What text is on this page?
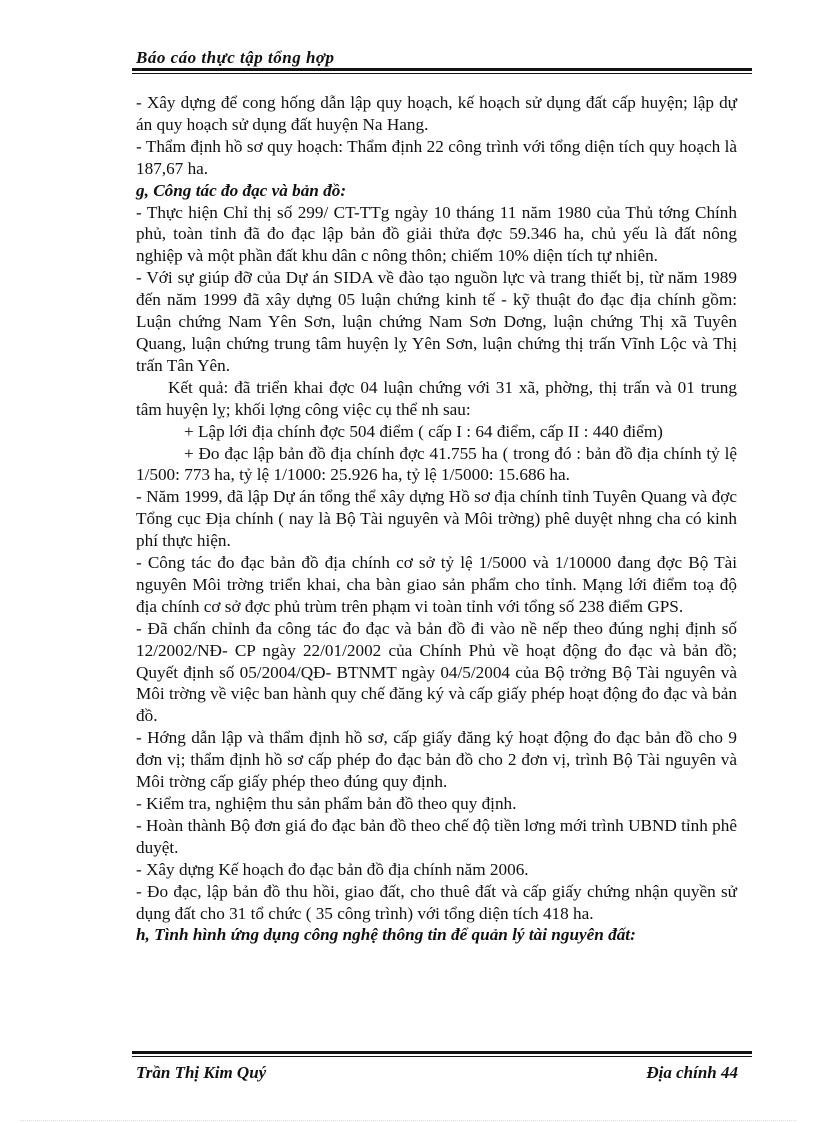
Báo cáo thực tập tổng hợp

- Xây dựng để cong hống dẫn lập quy hoạch, kế hoạch sử dụng đất cấp huyện; lập dự án quy hoạch sử dụng đất huyện Na Hang.

- Thẩm định hồ sơ quy hoạch: Thẩm định 22 công trình với tổng diện tích quy hoạch là 187,67 ha.

g, Công tác đo đạc và bản đồ:

- Thực hiện Chỉ thị số 299/ CT-TTg ngày 10 tháng 11 năm 1980 của Thủ tớng Chính phủ, toàn tỉnh đã đo đạc lập bản đồ giải thửa đợc 59.346 ha, chủ yếu là đất nông nghiệp và một phần đất khu dân c nông thôn; chiếm 10% diện tích tự nhiên.

- Với sự giúp đỡ của Dự án SIDA về đào tạo nguồn lực và trang thiết bị, từ năm 1989 đến năm 1999 đã xây dựng 05 luận chứng kinh tế - kỹ thuật đo đạc địa chính gồm: Luận chứng Nam Yên Sơn, luận chứng Nam Sơn Dơng, luận chứng Thị xã Tuyên Quang, luận chứng trung tâm huyện lỵ Yên Sơn, luận chứng thị trấn Vĩnh Lộc và Thị trấn Tân Yên.

Kết quả: đã triển khai đợc 04 luận chứng với 31 xã, phờng, thị trấn và 01 trung tâm huyện lỵ; khối lợng công việc cụ thể nh sau:

+ Lập lới địa chính đợc 504 điểm ( cấp I : 64 điểm, cấp II : 440 điểm)

+ Đo đạc lập bản đồ địa chính đợc 41.755 ha ( trong đó : bản đồ địa chính tỷ lệ 1/500: 773 ha, tỷ lệ 1/1000: 25.926 ha, tỷ lệ 1/5000: 15.686 ha.

- Năm 1999, đã lập Dự án tổng thể xây dựng Hồ sơ địa chính tỉnh Tuyên Quang và đợc Tổng cục Địa chính ( nay là Bộ Tài nguyên và Môi trờng) phê duyệt nhng cha có kinh phí thực hiện.

- Công tác đo đạc bản đồ địa chính cơ sở tỷ lệ 1/5000 và 1/10000 đang đợc Bộ Tài nguyên Môi trờng triển khai, cha bàn giao sản phẩm cho tỉnh. Mạng lới điểm toạ độ địa chính cơ sở đợc phủ trùm trên phạm vi toàn tỉnh với tổng số 238 điểm GPS.

- Đã chấn chỉnh đa công tác đo đạc và bản đồ đi vào nề nếp theo đúng nghị định số 12/2002/NĐ- CP ngày 22/01/2002 của Chính Phủ về hoạt động đo đạc và bản đồ; Quyết định số 05/2004/QĐ- BTNMT ngày 04/5/2004 của Bộ trởng Bộ Tài nguyên và Môi trờng về việc ban hành quy chế đăng ký và cấp giấy phép hoạt động đo đạc và bản đồ.

- Hớng dẫn lập và thẩm định hồ sơ, cấp giấy đăng ký hoạt động đo đạc bản đồ cho 9 đơn vị; thẩm định hồ sơ cấp phép đo đạc bản đồ cho 2 đơn vị, trình Bộ Tài nguyên và Môi trờng cấp giấy phép theo đúng quy định.

- Kiểm tra, nghiệm thu sản phẩm bản đồ theo quy định.

- Hoàn thành Bộ đơn giá đo đạc bản đồ theo chế độ tiền lơng mới trình UBND tỉnh phê duyệt.

- Xây dựng Kế hoạch đo đạc bản đồ địa chính năm 2006.

- Đo đạc, lập bản đồ thu hồi, giao đất, cho thuê đất và cấp giấy chứng nhận quyền sử dụng đất cho 31 tổ chức ( 35 công trình) với tổng diện tích 418 ha.

h, Tình hình ứng dụng công nghệ thông tin để quản lý tài nguyên đất:

Trần Thị Kim Quý	Địa chính 44
